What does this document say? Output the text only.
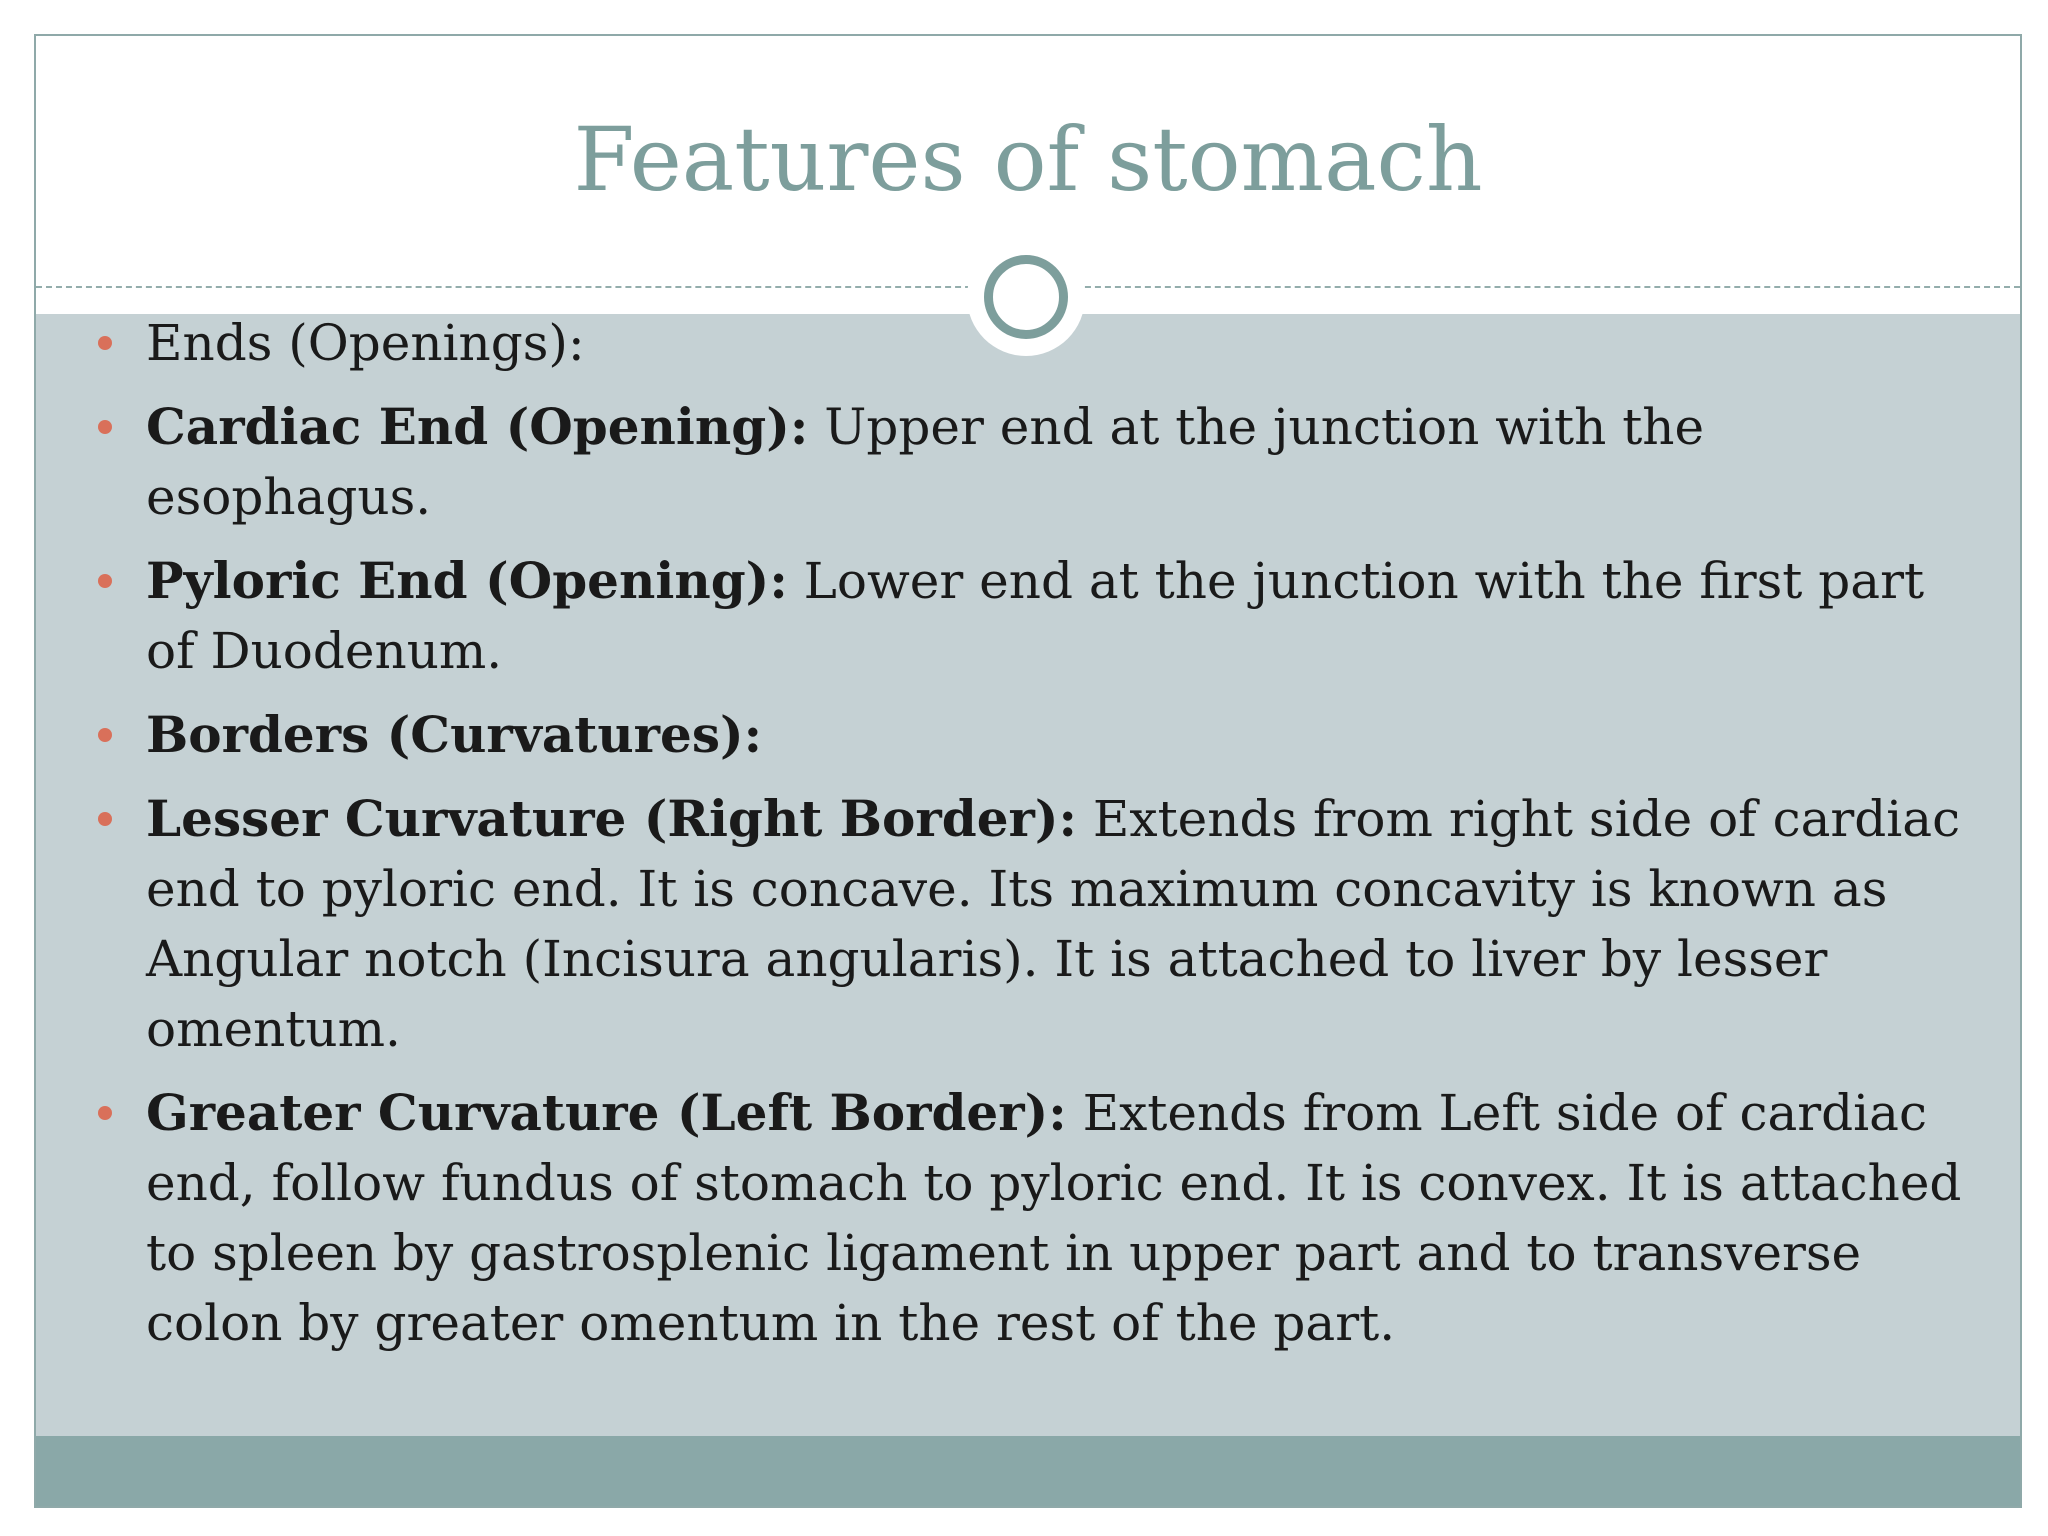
Features of stomach
Ends (Openings):
Cardiac End (Opening): Upper end at the junction with the esophagus.
Pyloric End (Opening): Lower end at the junction with the first part of Duodenum.
Borders (Curvatures):
Lesser Curvature (Right Border): Extends from right side of cardiac end to pyloric end. It is concave. Its maximum concavity is known as Angular notch (Incisura angularis). It is attached to liver by lesser omentum.
Greater Curvature (Left Border): Extends from Left side of cardiac end, follow fundus of stomach to pyloric end. It is convex. It is attached to spleen by gastrosplenic ligament in upper part and to transverse colon by greater omentum in the rest of the part.
